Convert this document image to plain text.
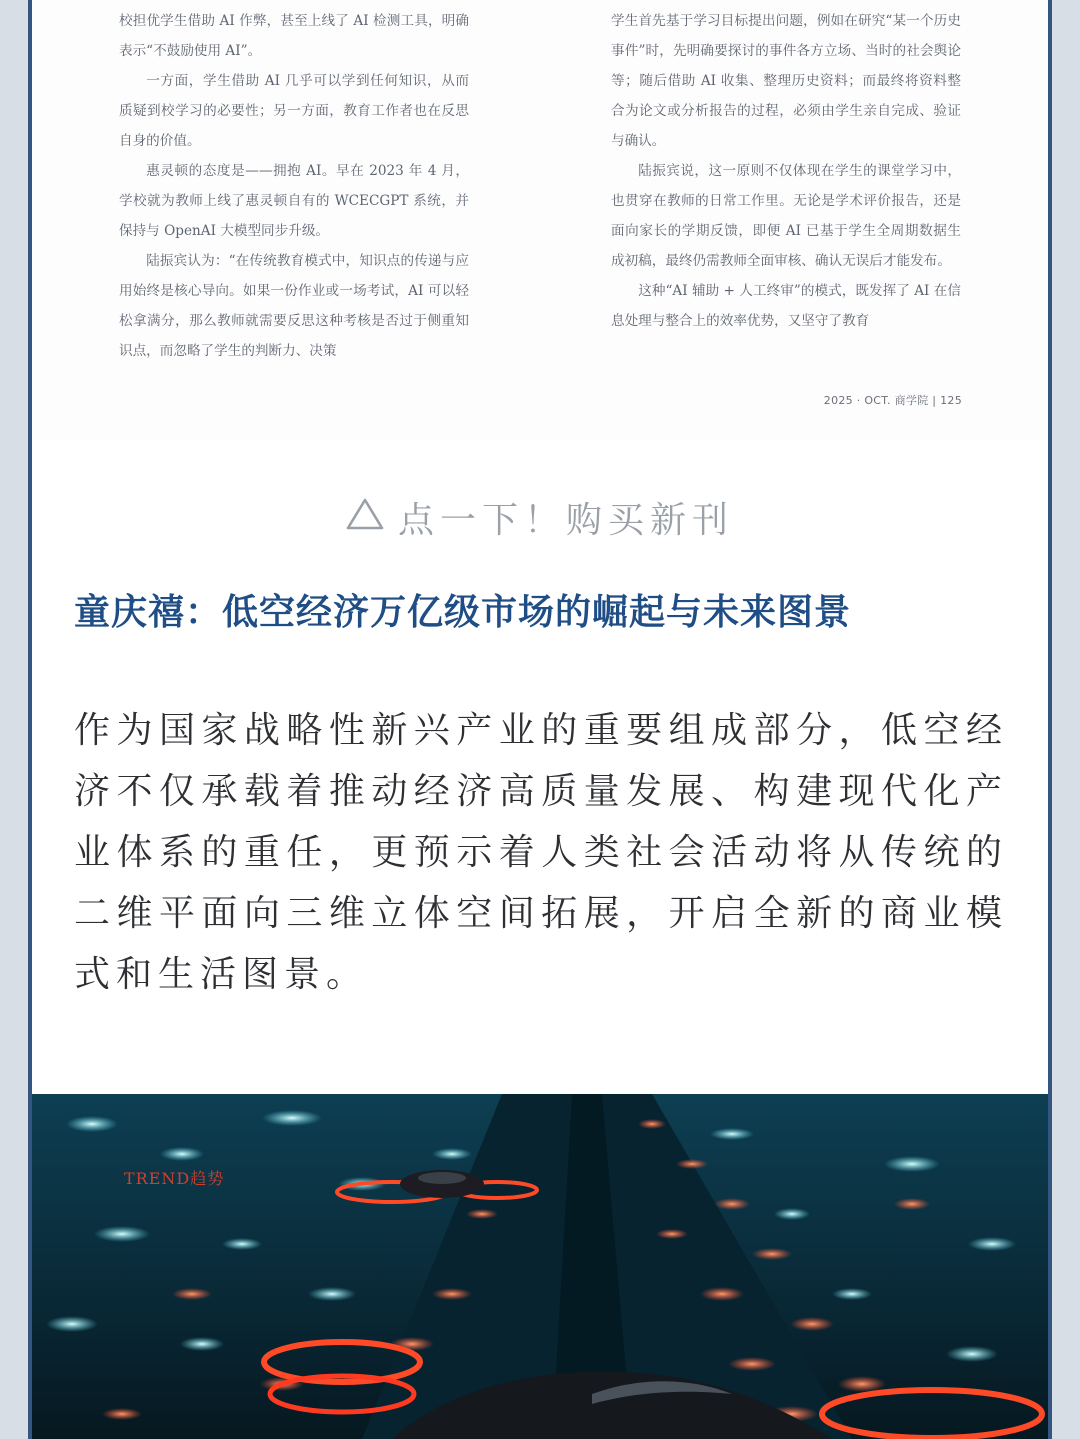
校担优学生借助 AI 作弊，甚至上线了 AI 检测工具，明确表示“不鼓励使用 AI”。

一方面，学生借助 AI 几乎可以学到任何知识，从而质疑到校学习的必要性；另一方面，教育工作者也在反思自身的价值。

惠灵顿的态度是——拥抱 AI。早在 2023 年 4 月，学校就为教师上线了惠灵顿自有的 WCECGPT 系统，并保持与 OpenAI 大模型同步升级。

陆振宾认为：“在传统教育模式中，知识点的传递与应用始终是核心导向。如果一份作业或一场考试，AI 可以轻松拿满分，那么教师就需要反思这种考核是否过于侧重知识点，而忽略了学生的判断力、决策

学生首先基于学习目标提出问题，例如在研究“某一个历史事件”时，先明确要探讨的事件各方立场、当时的社会舆论等；随后借助 AI 收集、整理历史资料；而最终将资料整合为论文或分析报告的过程，必须由学生亲自完成、验证与确认。

陆振宾说，这一原则不仅体现在学生的课堂学习中，也贯穿在教师的日常工作里。无论是学术评价报告，还是面向家长的学期反馈，即便 AI 已基于学生全周期数据生成初稿，最终仍需教师全面审核、确认无误后才能发布。

这种“AI 辅助 + 人工终审”的模式，既发挥了 AI 在信息处理与整合上的效率优势，又坚守了教育

2025 · OCT. 商学院 | 125
点一下！购买新刊
童庆禧：低空经济万亿级市场的崛起与未来图景
作为国家战略性新兴产业的重要组成部分，低空经济不仅承载着推动经济高质量发展、构建现代化产业体系的重任，更预示着人类社会活动将从传统的二维平面向三维立体空间拓展，开启全新的商业模式和生活图景。
TREND趋势
